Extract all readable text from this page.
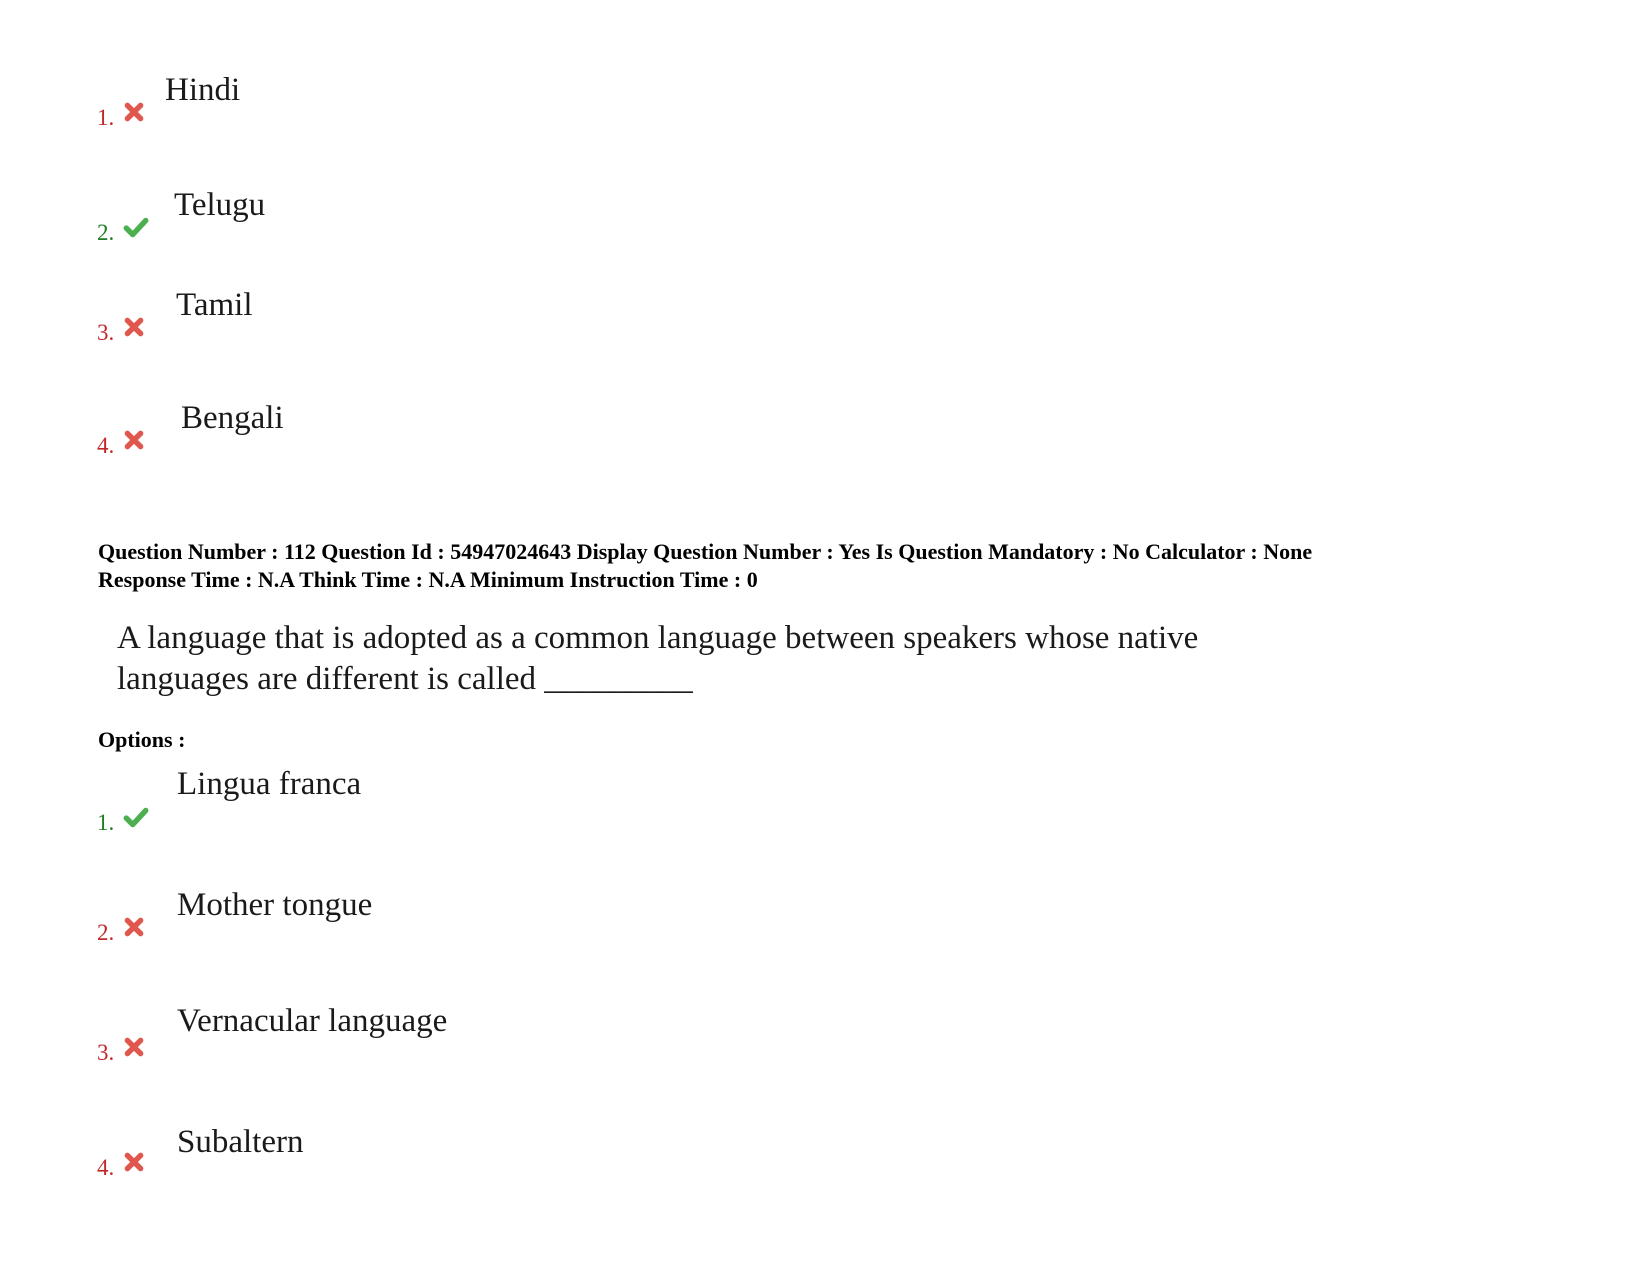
1.
Hindi
2.
Telugu
3.
Tamil
4.
Bengali
Question Number : 112 Question Id : 54947024643 Display Question Number : Yes Is Question Mandatory : No Calculator : None
Response Time : N.A Think Time : N.A Minimum Instruction Time : 0
A language that is adopted as a common language between speakers whose native
languages are different is called _________
Options :
1.
Lingua franca
2.
Mother tongue
3.
Vernacular language
4.
Subaltern
